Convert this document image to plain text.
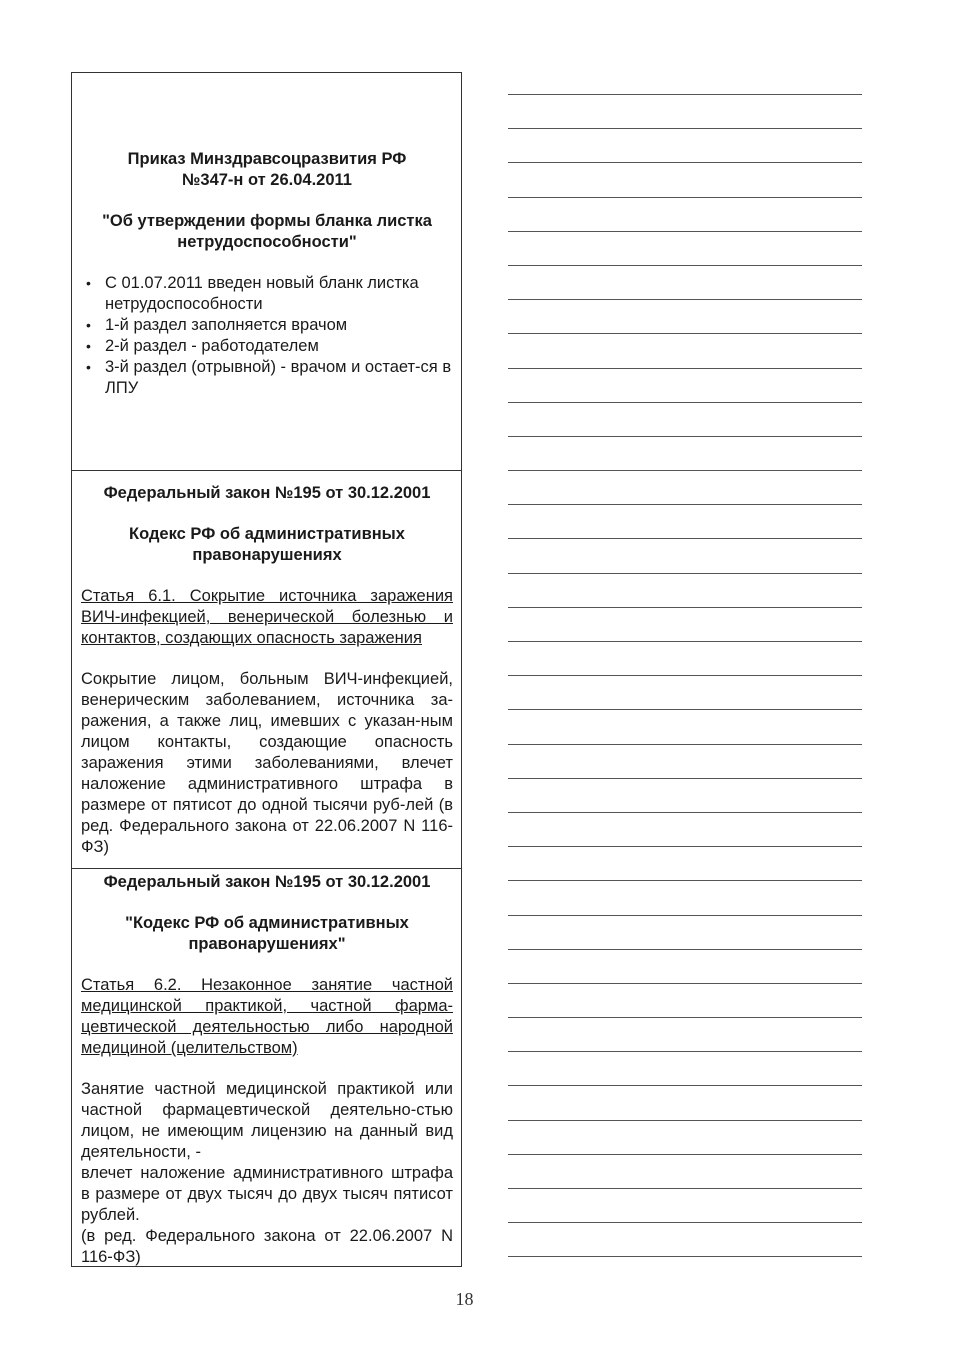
Приказ Минздравсоцразвития РФ

№347-н от 26.04.2011

"Об утверждении формы бланка листка

нетрудоспособности"

• С 01.07.2011 введен новый бланк листка нетрудоспособности
• 1-й раздел заполняется врачом
• 2-й раздел - работодателем
• 3-й раздел (отрывной) - врачом и остает-ся в ЛПУ

Федеральный закон №195 от 30.12.2001

Кодекс РФ об административных

правонарушениях

Статья 6.1. Сокрытие источника заражения ВИЧ-инфекцией, венерической болезнью и контактов, создающих опасность заражения

Сокрытие лицом, больным ВИЧ-инфекцией, венерическим заболеванием, источника за-ражения, а также лиц, имевших с указан-ным лицом контакты, создающие опасность заражения этими заболеваниями, влечет наложение административного штрафа в размере от пятисот до одной тысячи руб-лей (в ред. Федерального закона от 22.06.2007 N 116-ФЗ)

Федеральный закон №195 от 30.12.2001

"Кодекс РФ об административных

правонарушениях"

Статья 6.2. Незаконное занятие частной медицинской практикой, частной фарма-цевтической деятельностью либо народной медициной (целительством)

Занятие частной медицинской практикой или частной фармацевтической деятельно-стью лицом, не имеющим лицензию на данный вид деятельности, -

влечет наложение административного штрафа в размере от двух тысяч до двух тысяч пятисот рублей.

(в ред. Федерального закона от 22.06.2007 N 116-ФЗ)

18
